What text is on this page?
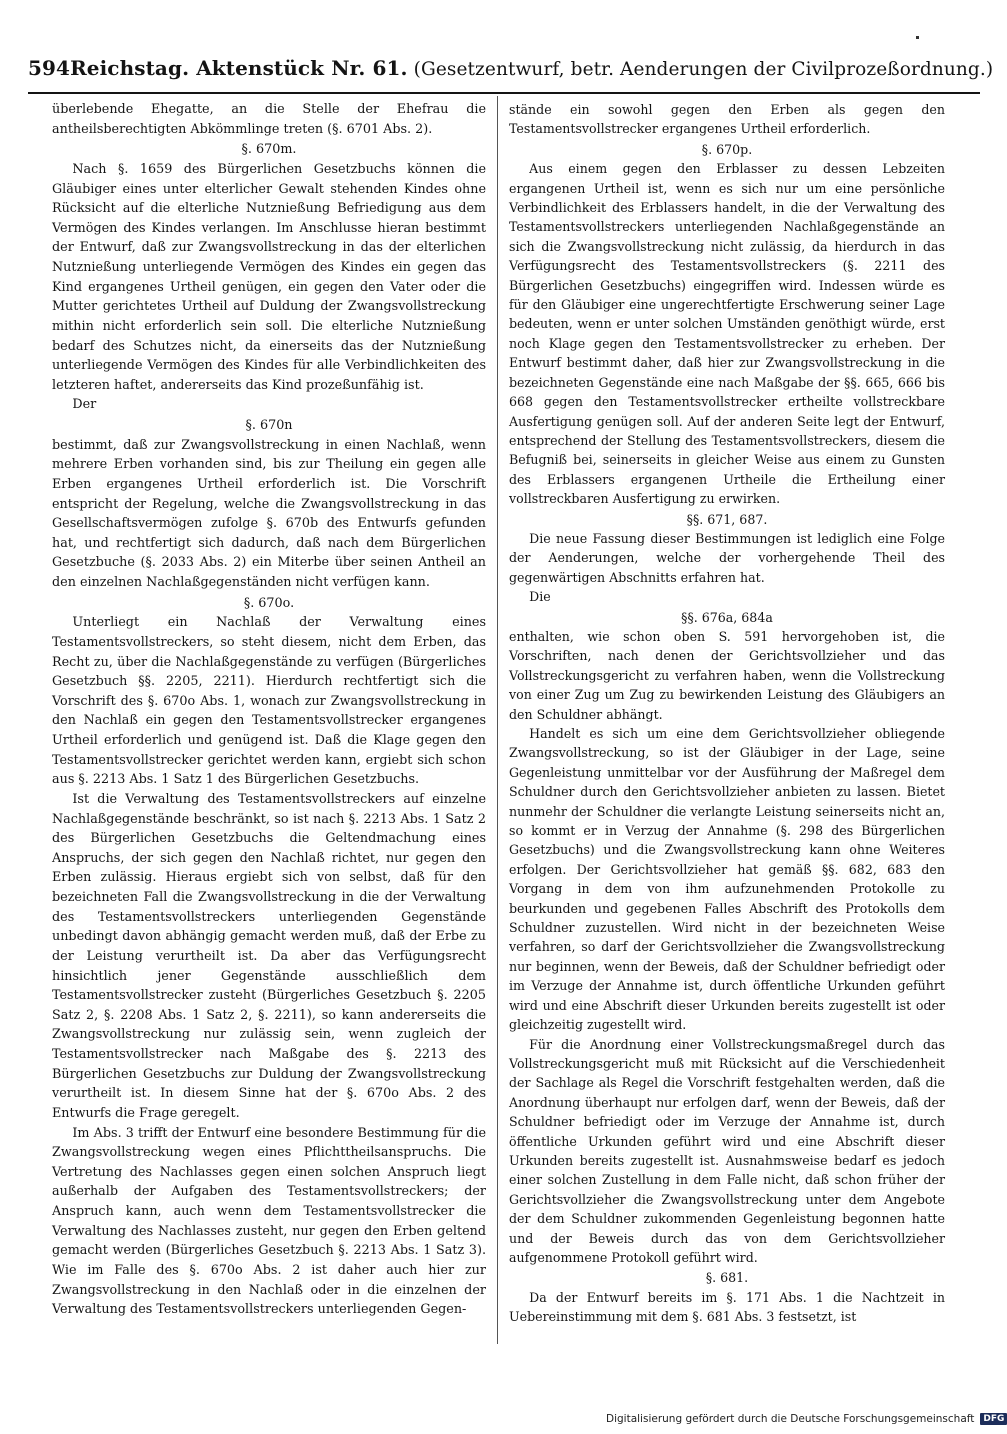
594 Reichstag. Aktenstück Nr. 61. (Gesetzentwurf, betr. Aenderungen der Civilprozeßordnung.)

überlebende Ehegatte, an die Stelle der Ehefrau die antheilsberechtigten Abkömmlinge treten (§. 6701 Abs. 2).

§. 670m.

Nach §. 1659 des Bürgerlichen Gesetzbuchs können die Gläubiger eines unter elterlicher Gewalt stehenden Kindes ohne Rücksicht auf die elterliche Nutznießung Befriedigung aus dem Vermögen des Kindes verlangen. Im Anschlusse hieran bestimmt der Entwurf, daß zur Zwangsvollstreckung in das der elterlichen Nutznießung unterliegende Vermögen des Kindes ein gegen das Kind ergangenes Urtheil genügen, ein gegen den Vater oder die Mutter gerichtetes Urtheil auf Duldung der Zwangsvollstreckung mithin nicht erforderlich sein soll. Die elterliche Nutznießung bedarf des Schutzes nicht, da einerseits das der Nutznießung unterliegende Vermögen des Kindes für alle Verbindlichkeiten des letzteren haftet, andererseits das Kind prozeßunfähig ist.

Der

§. 670n

bestimmt, daß zur Zwangsvollstreckung in einen Nachlaß, wenn mehrere Erben vorhanden sind, bis zur Theilung ein gegen alle Erben ergangenes Urtheil erforderlich ist. Die Vorschrift entspricht der Regelung, welche die Zwangsvollstreckung in das Gesellschaftsvermögen zufolge §. 670b des Entwurfs gefunden hat, und rechtfertigt sich dadurch, daß nach dem Bürgerlichen Gesetzbuche (§. 2033 Abs. 2) ein Miterbe über seinen Antheil an den einzelnen Nachlaßgegenständen nicht verfügen kann.

§. 670o.

Unterliegt ein Nachlaß der Verwaltung eines Testamentsvollstreckers, so steht diesem, nicht dem Erben, das Recht zu, über die Nachlaßgegenstände zu verfügen (Bürgerliches Gesetzbuch §§. 2205, 2211). Hierdurch rechtfertigt sich die Vorschrift des §. 670o Abs. 1, wonach zur Zwangsvollstreckung in den Nachlaß ein gegen den Testamentsvollstrecker ergangenes Urtheil erforderlich und genügend ist. Daß die Klage gegen den Testamentsvollstrecker gerichtet werden kann, ergiebt sich schon aus §. 2213 Abs. 1 Satz 1 des Bürgerlichen Gesetzbuchs.

Ist die Verwaltung des Testamentsvollstreckers auf einzelne Nachlaßgegenstände beschränkt, so ist nach §. 2213 Abs. 1 Satz 2 des Bürgerlichen Gesetzbuchs die Geltendmachung eines Anspruchs, der sich gegen den Nachlaß richtet, nur gegen den Erben zulässig. Hieraus ergiebt sich von selbst, daß für den bezeichneten Fall die Zwangsvollstreckung in die der Verwaltung des Testamentsvollstreckers unterliegenden Gegenstände unbedingt davon abhängig gemacht werden muß, daß der Erbe zu der Leistung verurtheilt ist. Da aber das Verfügungsrecht hinsichtlich jener Gegenstände ausschließlich dem Testamentsvollstrecker zusteht (Bürgerliches Gesetzbuch §. 2205 Satz 2, §. 2208 Abs. 1 Satz 2, §. 2211), so kann andererseits die Zwangsvollstreckung nur zulässig sein, wenn zugleich der Testamentsvollstrecker nach Maßgabe des §. 2213 des Bürgerlichen Gesetzbuchs zur Duldung der Zwangsvollstreckung verurtheilt ist. In diesem Sinne hat der §. 670o Abs. 2 des Entwurfs die Frage geregelt.

Im Abs. 3 trifft der Entwurf eine besondere Bestimmung für die Zwangsvollstreckung wegen eines Pflichttheilsanspruchs. Die Vertretung des Nachlasses gegen einen solchen Anspruch liegt außerhalb der Aufgaben des Testamentsvollstreckers; der Anspruch kann, auch wenn dem Testamentsvollstrecker die Verwaltung des Nachlasses zusteht, nur gegen den Erben geltend gemacht werden (Bürgerliches Gesetzbuch §. 2213 Abs. 1 Satz 3). Wie im Falle des §. 670o Abs. 2 ist daher auch hier zur Zwangsvollstreckung in den Nachlaß oder in die einzelnen der Verwaltung des Testamentsvollstreckers unterliegenden Gegen-

stände ein sowohl gegen den Erben als gegen den Testamentsvollstrecker ergangenes Urtheil erforderlich.

§. 670p.

Aus einem gegen den Erblasser zu dessen Lebzeiten ergangenen Urtheil ist, wenn es sich nur um eine persönliche Verbindlichkeit des Erblassers handelt, in die der Verwaltung des Testamentsvollstreckers unterliegenden Nachlaßgegenstände an sich die Zwangsvollstreckung nicht zulässig, da hierdurch in das Verfügungsrecht des Testamentsvollstreckers (§. 2211 des Bürgerlichen Gesetzbuchs) eingegriffen wird. Indessen würde es für den Gläubiger eine ungerechtfertigte Erschwerung seiner Lage bedeuten, wenn er unter solchen Umständen genöthigt würde, erst noch Klage gegen den Testamentsvollstrecker zu erheben. Der Entwurf bestimmt daher, daß hier zur Zwangsvollstreckung in die bezeichneten Gegenstände eine nach Maßgabe der §§. 665, 666 bis 668 gegen den Testamentsvollstrecker ertheilte vollstreckbare Ausfertigung genügen soll. Auf der anderen Seite legt der Entwurf, entsprechend der Stellung des Testamentsvollstreckers, diesem die Befugniß bei, seinerseits in gleicher Weise aus einem zu Gunsten des Erblassers ergangenen Urtheile die Ertheilung einer vollstreckbaren Ausfertigung zu erwirken.

§§. 671, 687.

Die neue Fassung dieser Bestimmungen ist lediglich eine Folge der Aenderungen, welche der vorhergehende Theil des gegenwärtigen Abschnitts erfahren hat.

Die

§§. 676a, 684a

enthalten, wie schon oben S. 591 hervorgehoben ist, die Vorschriften, nach denen der Gerichtsvollzieher und das Vollstreckungsgericht zu verfahren haben, wenn die Vollstreckung von einer Zug um Zug zu bewirkenden Leistung des Gläubigers an den Schuldner abhängt.

Handelt es sich um eine dem Gerichtsvollzieher obliegende Zwangsvollstreckung, so ist der Gläubiger in der Lage, seine Gegenleistung unmittelbar vor der Ausführung der Maßregel dem Schuldner durch den Gerichtsvollzieher anbieten zu lassen. Bietet nunmehr der Schuldner die verlangte Leistung seinerseits nicht an, so kommt er in Verzug der Annahme (§. 298 des Bürgerlichen Gesetzbuchs) und die Zwangsvollstreckung kann ohne Weiteres erfolgen. Der Gerichtsvollzieher hat gemäß §§. 682, 683 den Vorgang in dem von ihm aufzunehmenden Protokolle zu beurkunden und gegebenen Falles Abschrift des Protokolls dem Schuldner zuzustellen. Wird nicht in der bezeichneten Weise verfahren, so darf der Gerichtsvollzieher die Zwangsvollstreckung nur beginnen, wenn der Beweis, daß der Schuldner befriedigt oder im Verzuge der Annahme ist, durch öffentliche Urkunden geführt wird und eine Abschrift dieser Urkunden bereits zugestellt ist oder gleichzeitig zugestellt wird.

Für die Anordnung einer Vollstreckungsmaßregel durch das Vollstreckungsgericht muß mit Rücksicht auf die Verschiedenheit der Sachlage als Regel die Vorschrift festgehalten werden, daß die Anordnung überhaupt nur erfolgen darf, wenn der Beweis, daß der Schuldner befriedigt oder im Verzuge der Annahme ist, durch öffentliche Urkunden geführt wird und eine Abschrift dieser Urkunden bereits zugestellt ist. Ausnahmsweise bedarf es jedoch einer solchen Zustellung in dem Falle nicht, daß schon früher der Gerichtsvollzieher die Zwangsvollstreckung unter dem Angebote der dem Schuldner zukommenden Gegenleistung begonnen hatte und der Beweis durch das von dem Gerichtsvollzieher aufgenommene Protokoll geführt wird.

§. 681.

Da der Entwurf bereits im §. 171 Abs. 1 die Nachtzeit in Uebereinstimmung mit dem §. 681 Abs. 3 festsetzt, ist

Digitalisierung gefördert durch die Deutsche Forschungsgemeinschaft	DFG
